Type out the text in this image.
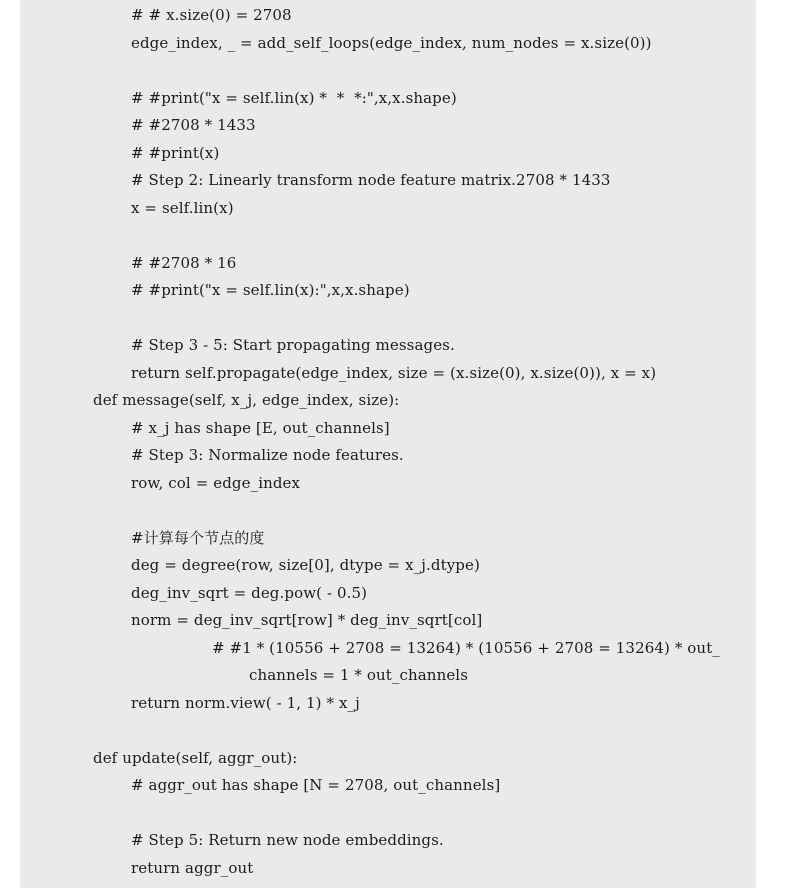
# # x.size(0) = 2708
edge_index, _ = add_self_loops(edge_index, num_nodes = x.size(0))
# #print("x = self.lin(x) *  *  *:",x,x.shape)
# #2708 * 1433
# #print(x)
# Step 2: Linearly transform node feature matrix.2708 * 1433
x = self.lin(x)
# #2708 * 16
# #print("x = self.lin(x):",x,x.shape)
# Step 3 - 5: Start propagating messages.
return self.propagate(edge_index, size = (x.size(0), x.size(0)), x = x)
def message(self, x_j, edge_index, size):
# x_j has shape [E, out_channels]
# Step 3: Normalize node features.
row, col = edge_index
#计算每个节点的度
deg = degree(row, size[0], dtype = x_j.dtype)
deg_inv_sqrt = deg.pow( - 0.5)
norm = deg_inv_sqrt[row] * deg_inv_sqrt[col]
# #1 * (10556 + 2708 = 13264) * (10556 + 2708 = 13264) * out_
channels = 1 * out_channels
return norm.view( - 1, 1) * x_j
def update(self, aggr_out):
# aggr_out has shape [N = 2708, out_channels]
# Step 5: Return new node embeddings.
return aggr_out
